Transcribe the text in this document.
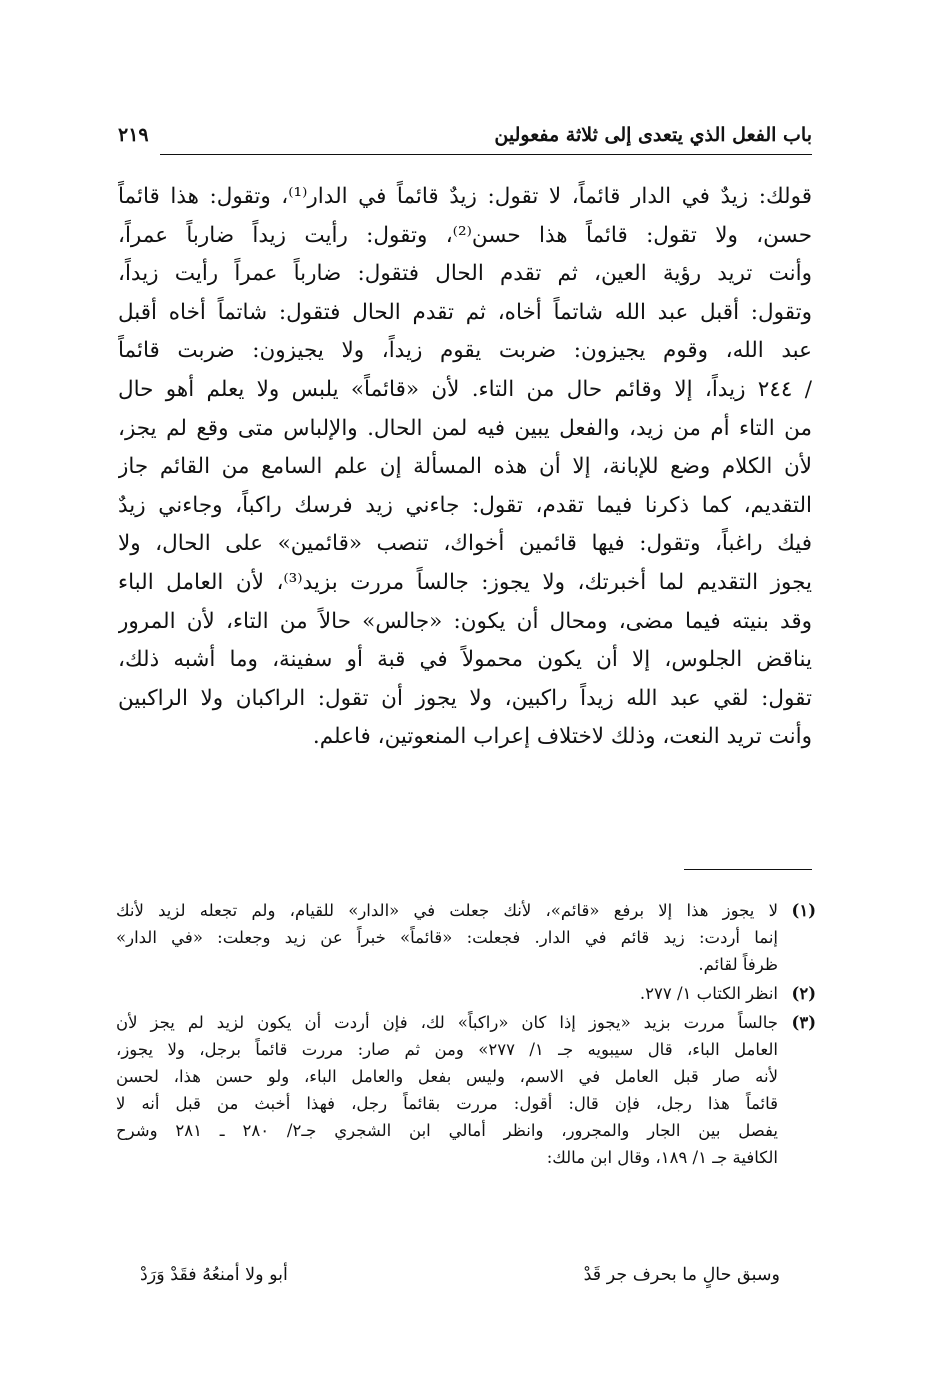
باب الفعل الذي يتعدى إلى ثلاثة مفعولين
٢١٩
قولك: زيدٌ في الدار قائماً، لا تقول: زيدٌ قائماً في الدار⁽¹⁾، وتقول: هذا قائماً
حسن، ولا تقول: قائماً هذا حسن⁽²⁾، وتقول: رأيت زيداً ضارباً عمراً،
وأنت تريد رؤية العين، ثم تقدم الحال فتقول: ضارباً عمراً رأيت زيداً،
وتقول: أقبل عبد الله شاتماً أخاه، ثم تقدم الحال فتقول: شاتماً أخاه أقبل
عبد الله، وقوم يجيزون: ضربت يقوم زيداً، ولا يجيزون: ضربت قائماً
/ ٢٤٤ زيداً، إلا وقائم حال من التاء. لأن «قائماً» يلبس ولا يعلم أهو حال
من التاء أم من زيد، والفعل يبين فيه لمن الحال. والإلباس متى وقع لم يجز،
لأن الكلام وضع للإبانة، إلا أن هذه المسألة إن علم السامع من القائم جاز
التقديم، كما ذكرنا فيما تقدم، تقول: جاءني زيد فرسك راكباً، وجاءني زيدٌ
فيك راغباً، وتقول: فيها قائمين أخواك، تنصب «قائمين» على الحال، ولا
يجوز التقديم لما أخبرتك، ولا يجوز: جالساً مررت بزيد⁽³⁾، لأن العامل الباء
وقد بنيته فيما مضى، ومحال أن يكون: «جالس» حالاً من التاء، لأن المرور
يناقض الجلوس، إلا أن يكون محمولاً في قبة أو سفينة، وما أشبه ذلك،
تقول: لقي عبد الله زيداً راكبين، ولا يجوز أن تقول: الراكبان ولا الراكبين
وأنت تريد النعت، وذلك لاختلاف إعراب المنعوتين، فاعلم.
(١)
لا يجوز هذا إلا برفع «قائم»، لأنك جعلت في «الدار» للقيام، ولم تجعله لزيد لأنك
إنما أردت: زيد قائم في الدار. فجعلت: «قائماً» خبراً عن زيد وجعلت: «في الدار»
ظرفاً لقائم.
(٢)
انظر الكتاب ١/ ٢٧٧.
(٣)
جالساً مررت بزيد «يجوز إذا كان «راكباً» لك، فإن أردت أن يكون لزيد لم يجز لأن
العامل الباء، قال سيبويه جـ ١/ ٢٧٧» ومن ثم صار: مررت قائماً برجل، ولا يجوز،
لأنه صار قبل العامل في الاسم، وليس بفعل والعامل الباء، ولو حسن هذا، لحسن
قائماً هذا رجل، فإن قال: أقول: مررت بقائماً رجل، فهذا أخبث من قبل أنه لا
يفصل بين الجار والمجرور، وانظر أمالي ابن الشجري جـ٢/ ٢٨٠ ـ ٢٨١ وشرح
الكافية جـ ١/ ١٨٩، وقال ابن مالك:
وسبق حالٍ ما بحرف جر قَدْ
أبو ولا أمنعُهُ فقَدْ وَرَدْ
